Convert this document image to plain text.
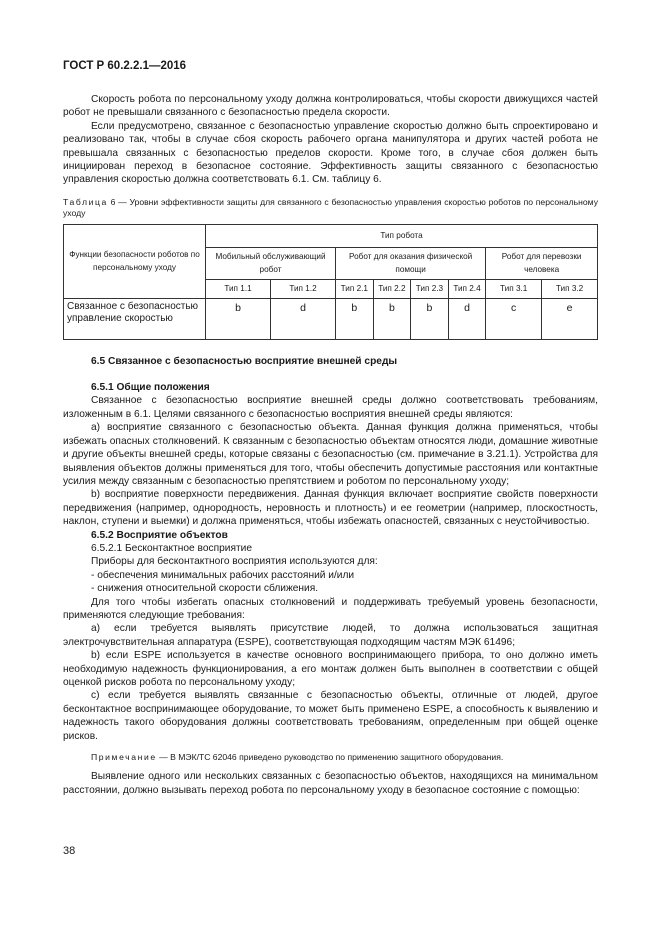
ГОСТ Р 60.2.2.1—2016

Скорость робота по персональному уходу должна контролироваться, чтобы скорости движущихся частей робот не превышали связанного с безопасностью предела скорости.

Если предусмотрено, связанное с безопасностью управление скоростью должно быть спроектировано и реализовано так, чтобы в случае сбоя скорость рабочего органа манипулятора и других частей робота не превышала связанных с безопасностью пределов скорости. Кроме того, в случае сбоя должен быть инициирован переход в безопасное состояние. Эффективность защиты связанного с безопасностью управления скоростью должна соответствовать 6.1. См. таблицу 6.

Таблица 6 — Уровни эффективности защиты для связанного с безопасностью управления скоростью роботов по персональному уходу

Функции безопасности роботов по персональному уходу	Тип робота							
	Мобильный обслуживающий робот		Робот для оказания физической помощи				Робот для перевозки человека	
	Тип 1.1	Тип 1.2	Тип 2.1	Тип 2.2	Тип 2.3	Тип 2.4	Тип 3.1	Тип 3.2
Связанное с безопасностью управление скоростью	b	d	b	b	b	d	c	e

6.5 Связанное с безопасностью восприятие внешней среды

6.5.1 Общие положения

Связанное с безопасностью восприятие внешней среды должно соответствовать требованиям, изложенным в 6.1. Целями связанного с безопасностью восприятия внешней среды являются:

а) восприятие связанного с безопасностью объекта. Данная функция должна применяться, чтобы избежать опасных столкновений. К связанным с безопасностью объектам относятся люди, домашние животные и другие объекты внешней среды, которые связаны с безопасностью (см. примечание в 3.21.1). Устройства для выявления объектов должны применяться для того, чтобы обеспечить допустимые расстояния или контактные усилия между связанным с безопасностью препятствием и роботом по персональному уходу;

b) восприятие поверхности передвижения. Данная функция включает восприятие свойств поверхности передвижения (например, однородность, неровность и плотность) и ее геометрии (например, плоскостность, наклон, ступени и выемки) и должна применяться, чтобы избежать опасностей, связанных с неустойчивостью.

6.5.2 Восприятие объектов

6.5.2.1 Бесконтактное восприятие

Приборы для бесконтактного восприятия используются для:

- обеспечения минимальных рабочих расстояний и/или

- снижения относительной скорости сближения.

Для того чтобы избегать опасных столкновений и поддерживать требуемый уровень безопасности, применяются следующие требования:

а) если требуется выявлять присутствие людей, то должна использоваться защитная электрочувствительная аппаратура (ESPE), соответствующая подходящим частям МЭК 61496;

b) если ESPE используется в качестве основного воспринимающего прибора, то оно должно иметь необходимую надежность функционирования, а его монтаж должен быть выполнен в соответствии с общей оценкой рисков робота по персональному уходу;

с) если требуется выявлять связанные с безопасностью объекты, отличные от людей, другое бесконтактное воспринимающее оборудование, то может быть применено ESPE, а способность к выявлению и надежность такого оборудования должны соответствовать требованиям, определенным при общей оценке рисков.

Примечание — В МЭК/ТС 62046 приведено руководство по применению защитного оборудования.

Выявление одного или нескольких связанных с безопасностью объектов, находящихся на минимальном расстоянии, должно вызывать переход робота по персональному уходу в безопасное состояние с помощью:

38
